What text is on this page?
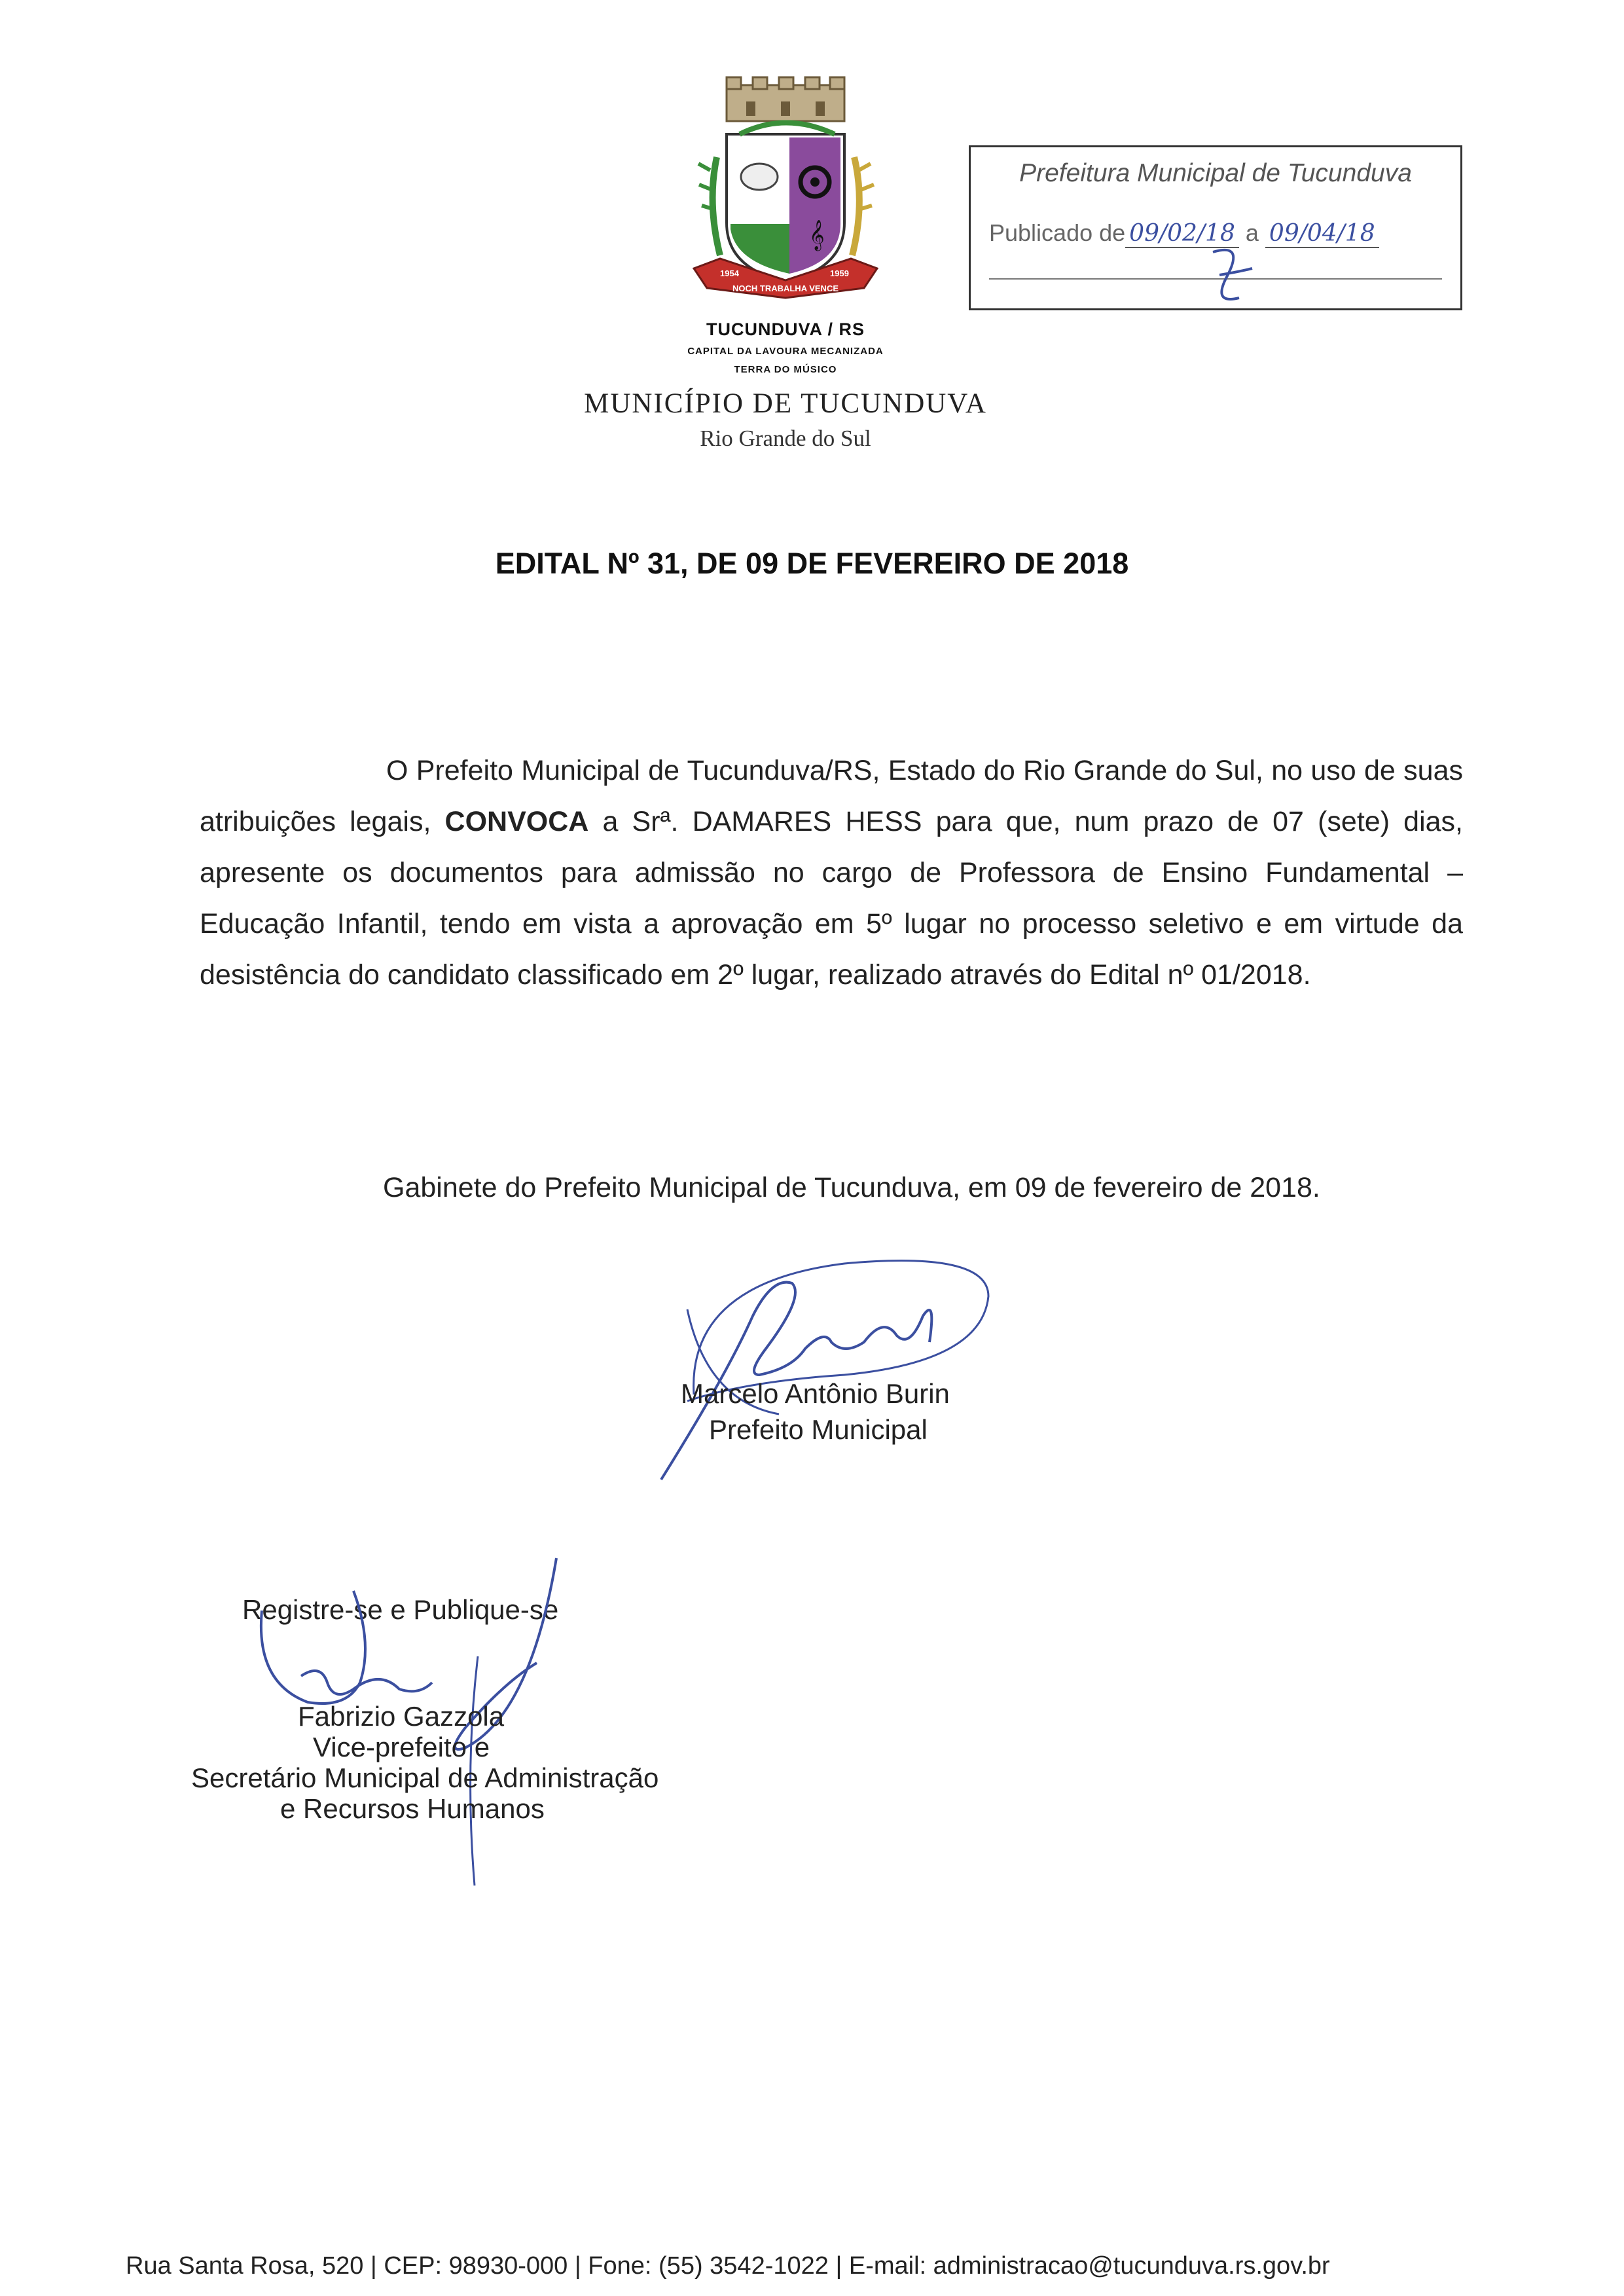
𝄞
1954	1959
NOCH TRABALHA VENCE
TUCUNDUVA / RS
CAPITAL DA LAVOURA MECANIZADA
TERRA DO MÚSICO
MUNICÍPIO DE TUCUNDUVA
Rio Grande do Sul
Prefeitura Municipal de Tucunduva
Publicado de 09/02/18 a 09/04/18
EDITAL Nº 31, DE 09 DE FEVEREIRO DE 2018
O Prefeito Municipal de Tucunduva/RS, Estado do Rio Grande do Sul, no uso de suas atribuições legais, CONVOCA a Srª. DAMARES HESS para que, num prazo de 07 (sete) dias, apresente os documentos para admissão no cargo de Professora de Ensino Fundamental – Educação Infantil, tendo em vista a aprovação em 5º lugar no processo seletivo e em virtude da desistência do candidato classificado em 2º lugar, realizado através do Edital nº 01/2018.
Gabinete do Prefeito Municipal de Tucunduva, em 09 de fevereiro de 2018.
Marcelo Antônio Burin
Prefeito Municipal
Registre-se e Publique-se
Fabrizio Gazzola
Vice-prefeito e
Secretário Municipal de Administração
e Recursos Humanos
Rua Santa Rosa, 520 | CEP: 98930-000 | Fone: (55) 3542-1022 | E-mail: administracao@tucunduva.rs.gov.br
